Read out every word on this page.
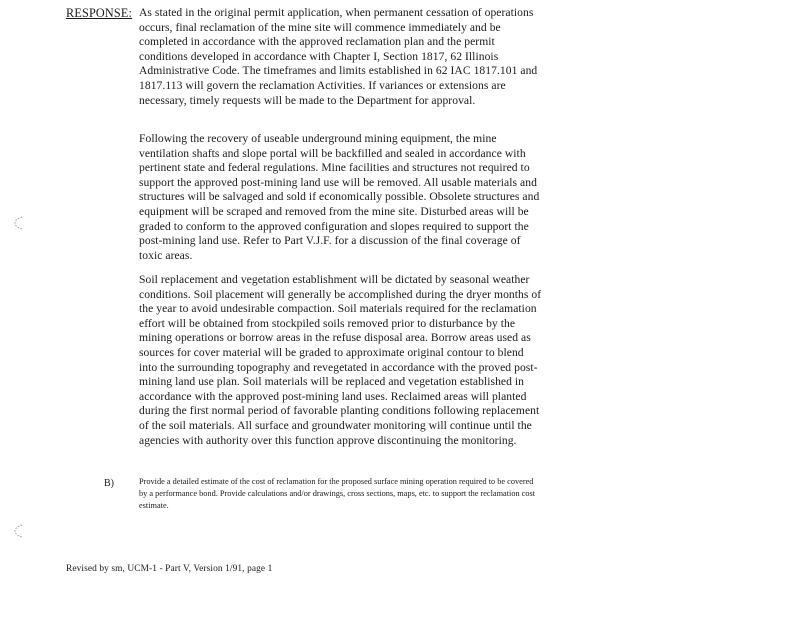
RESPONSE: As stated in the original permit application, when permanent cessation of operations occurs, final reclamation of the mine site will commence immediately and be completed in accordance with the approved reclamation plan and the permit conditions developed in accordance with Chapter I, Section 1817, 62 Illinois Administrative Code. The timeframes and limits established in 62 IAC 1817.101 and 1817.113 will govern the reclamation Activities. If variances or extensions are necessary, timely requests will be made to the Department for approval.

Following the recovery of useable underground mining equipment, the mine ventilation shafts and slope portal will be backfilled and sealed in accordance with pertinent state and federal regulations. Mine facilities and structures not required to support the approved post-mining land use will be removed. All usable materials and structures will be salvaged and sold if economically possible. Obsolete structures and equipment will be scraped and removed from the mine site. Disturbed areas will be graded to conform to the approved configuration and slopes required to support the post-mining land use. Refer to Part V.J.F. for a discussion of the final coverage of toxic areas.

Soil replacement and vegetation establishment will be dictated by seasonal weather conditions. Soil placement will generally be accomplished during the dryer months of the year to avoid undesirable compaction. Soil materials required for the reclamation effort will be obtained from stockpiled soils removed prior to disturbance by the mining operations or borrow areas in the refuse disposal area. Borrow areas used as sources for cover material will be graded to approximate original contour to blend into the surrounding topography and revegetated in accordance with the proved post-mining land use plan. Soil materials will be replaced and vegetation established in accordance with the approved post-mining land uses. Reclaimed areas will planted during the first normal period of favorable planting conditions following replacement of the soil materials. All surface and groundwater monitoring will continue until the agencies with authority over this function approve discontinuing the monitoring.

B)	Provide a detailed estimate of the cost of reclamation for the proposed surface mining operation required to be covered by a performance bond. Provide calculations and/or drawings, cross sections, maps, etc. to support the reclamation cost estimate.

Revised by sm, UCM-1 - Part V, Version 1/91, page 1
